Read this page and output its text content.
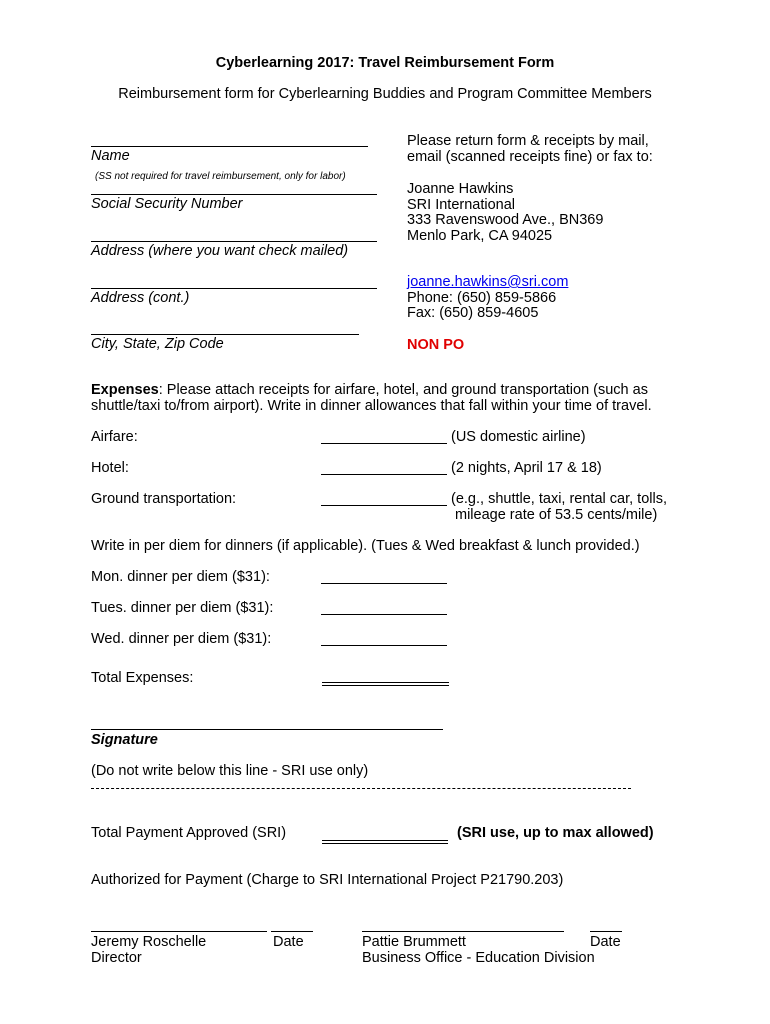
Cyberlearning 2017: Travel Reimbursement Form
Reimbursement form for Cyberlearning Buddies and Program Committee Members
Name
(SS not required for travel reimbursement, only for labor)
Social Security Number
Address (where you want check mailed)
Address (cont.)
City, State, Zip Code
Please return form & receipts by mail,
email (scanned receipts fine) or fax to:
Joanne Hawkins
SRI International
333 Ravenswood Ave., BN369
Menlo Park, CA 94025
joanne.hawkins@sri.com
Phone: (650) 859-5866
Fax: (650) 859-4605
NON PO
Expenses: Please attach receipts for airfare, hotel, and ground transportation (such as
shuttle/taxi to/from airport). Write in dinner allowances that fall within your time of travel.
Airfare:	(US domestic airline)
Hotel:	(2 nights, April 17 & 18)
Ground transportation:	(e.g., shuttle, taxi, rental car, tolls,
mileage rate of 53.5 cents/mile)
Write in per diem for dinners (if applicable). (Tues & Wed breakfast & lunch provided.)
Mon. dinner per diem ($31):
Tues. dinner per diem ($31):
Wed. dinner per diem ($31):
Total Expenses:
Signature
(Do not write below this line - SRI use only)
Total Payment Approved (SRI)	(SRI use, up to max allowed)
Authorized for Payment (Charge to SRI International Project P21790.203)
Jeremy Roschelle	Date
Director
Pattie Brummett	Date
Business Office - Education Division
